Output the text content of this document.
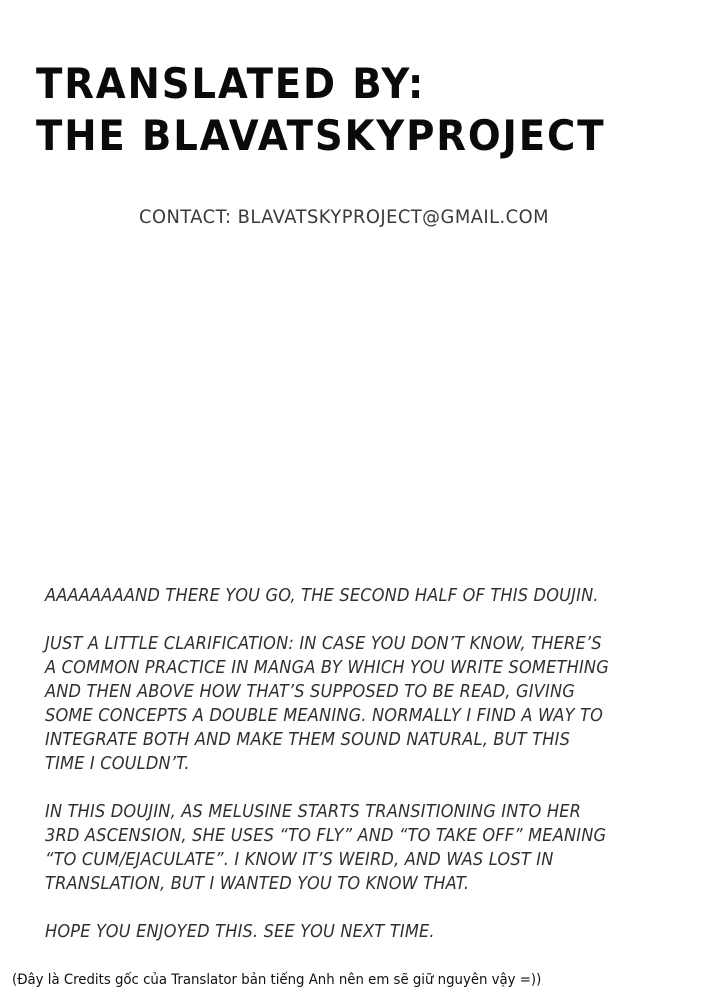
TRANSLATED BY:
THE BLAVATSKYPROJECT
CONTACT: BLAVATSKYPROJECT@GMAIL.COM

AAAAAAAAND THERE YOU GO, THE SECOND HALF OF THIS DOUJIN.

JUST A LITTLE CLARIFICATION: IN CASE YOU DON’T KNOW, THERE’S
A COMMON PRACTICE IN MANGA BY WHICH YOU WRITE SOMETHING
AND THEN ABOVE HOW THAT’S SUPPOSED TO BE READ, GIVING
SOME CONCEPTS A DOUBLE MEANING. NORMALLY I FIND A WAY TO
INTEGRATE BOTH AND MAKE THEM SOUND NATURAL, BUT THIS
TIME I COULDN’T.

IN THIS DOUJIN, AS MELUSINE STARTS TRANSITIONING INTO HER
3RD ASCENSION, SHE USES “TO FLY” AND “TO TAKE OFF” MEANING
“TO CUM/EJACULATE”. I KNOW IT’S WEIRD, AND WAS LOST IN
TRANSLATION, BUT I WANTED YOU TO KNOW THAT.

HOPE YOU ENJOYED THIS. SEE YOU NEXT TIME.

(Đây là Credits gốc của Translator bản tiếng Anh nên em sẽ giữ nguyên vậy =))
